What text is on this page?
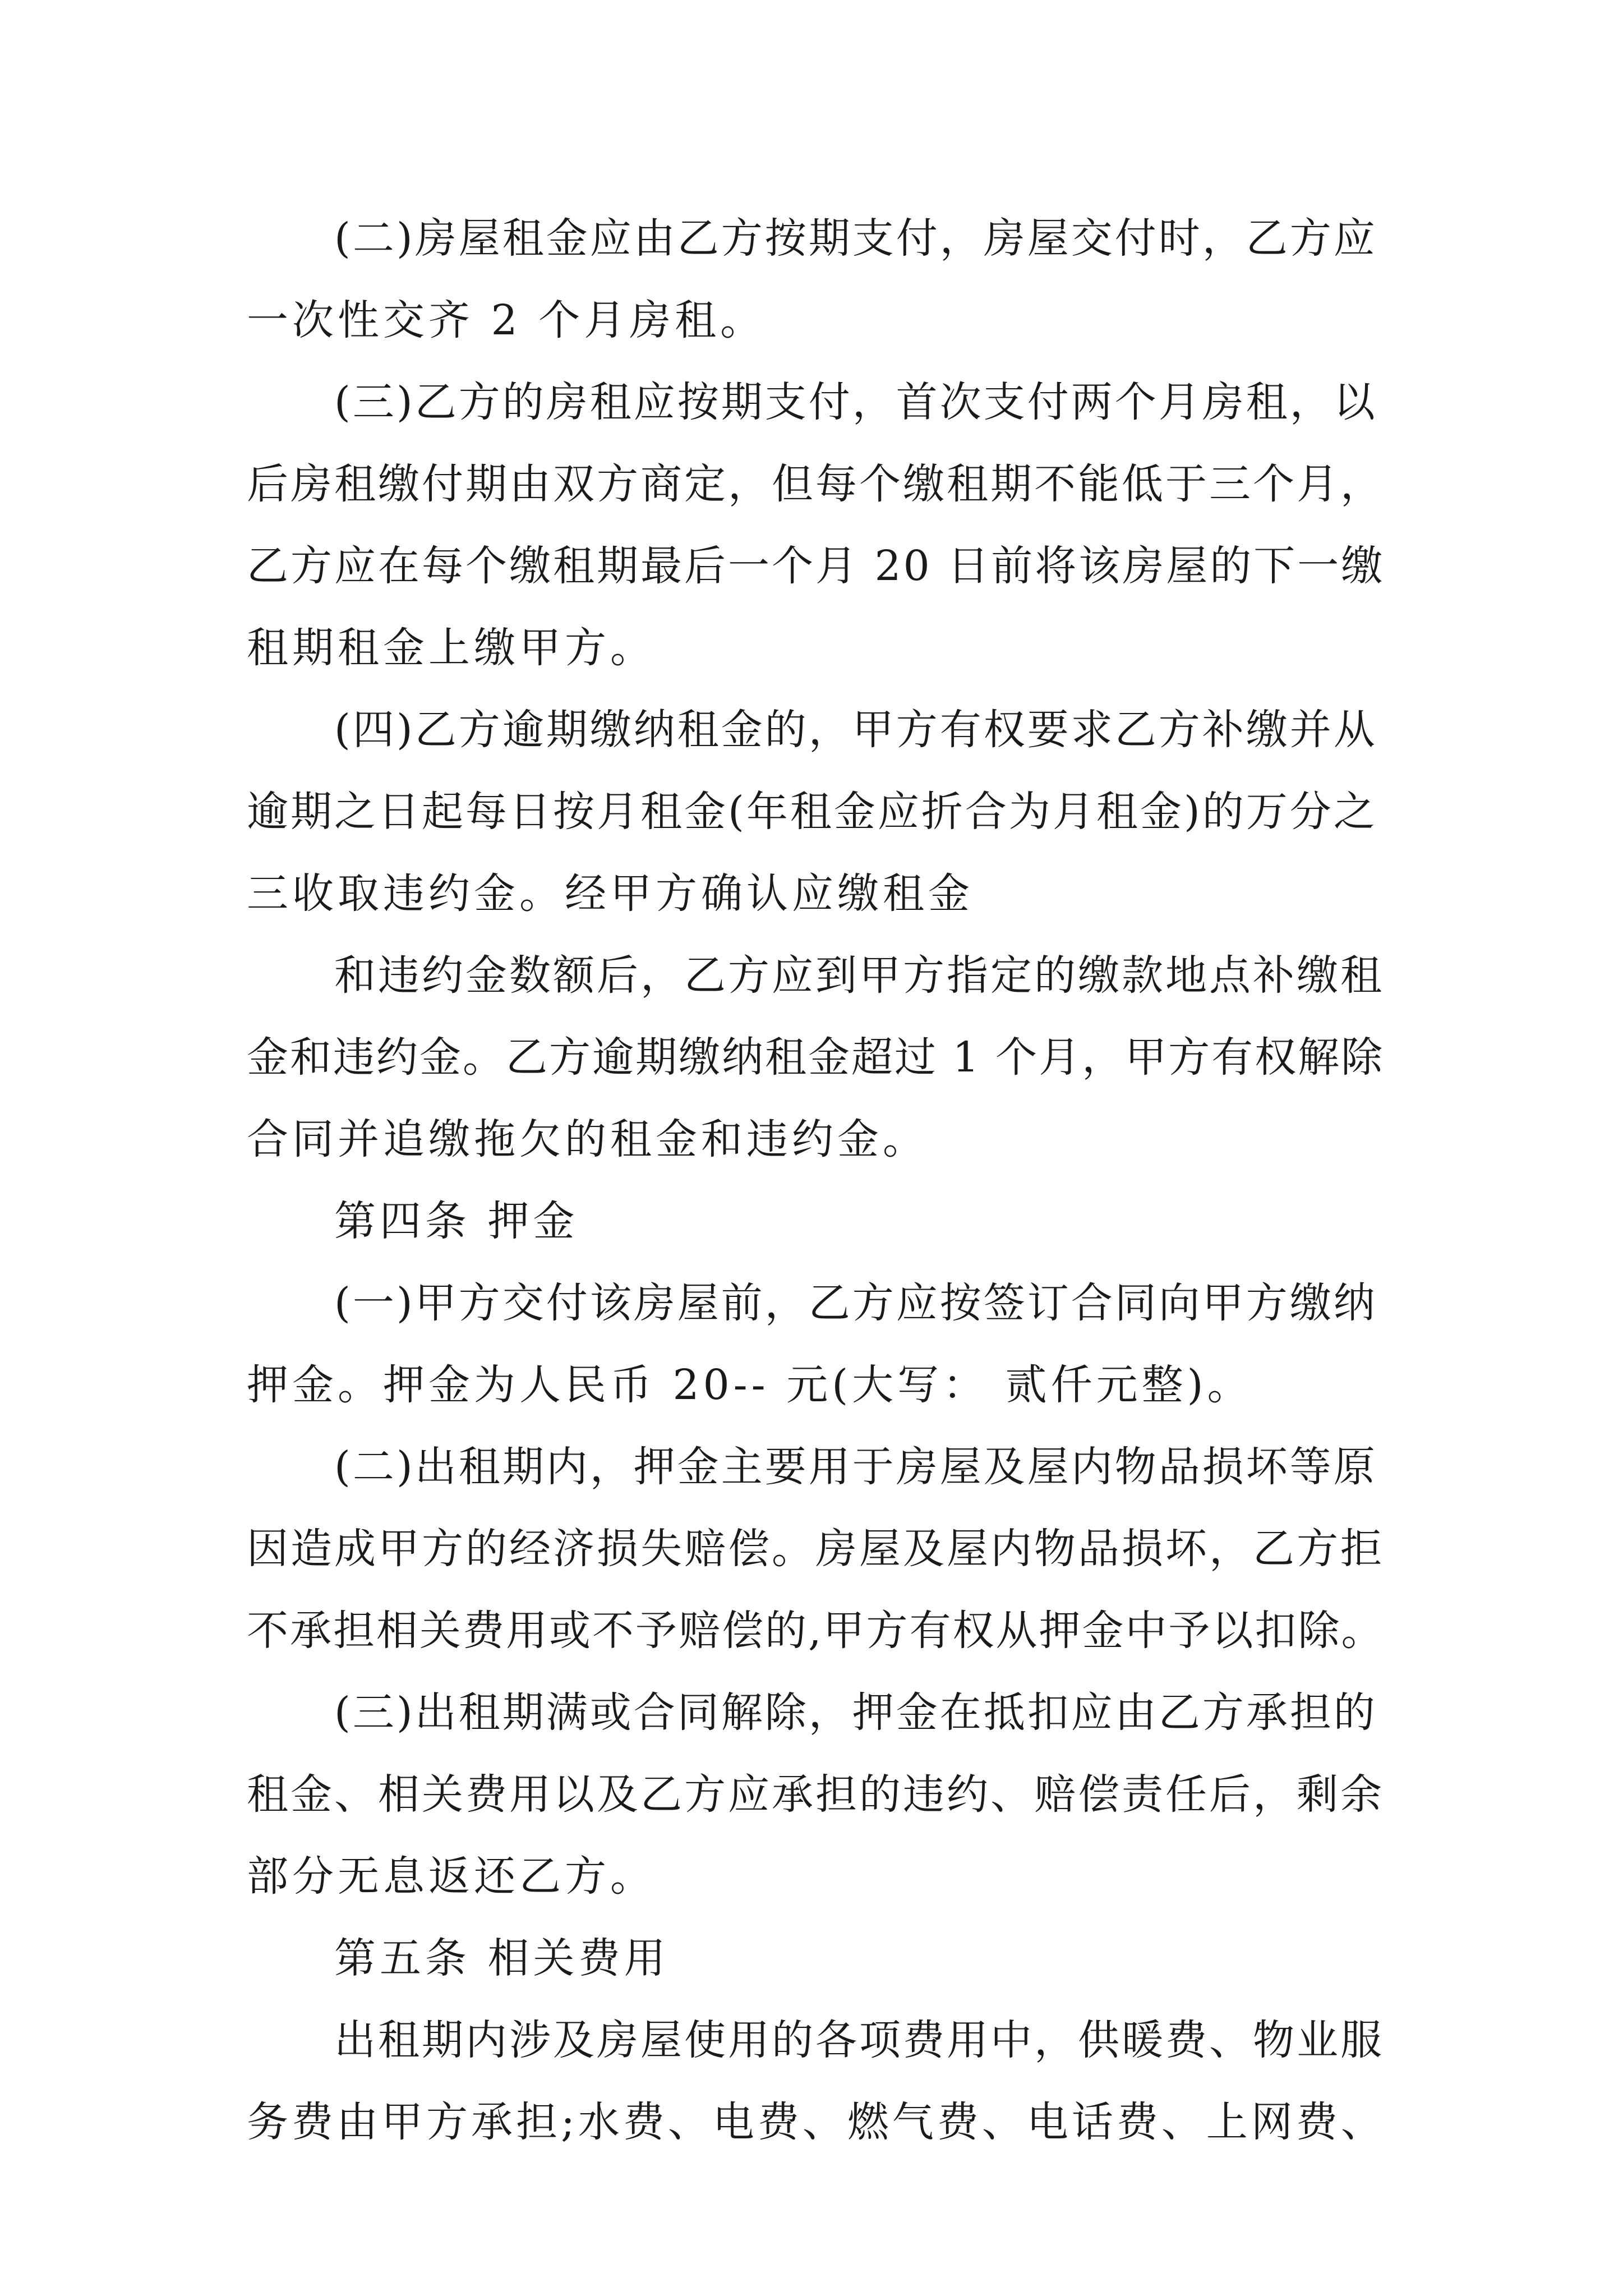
(二)房屋租金应由乙方按期支付，房屋交付时，乙方应
一次性交齐 2 个月房租。
(三)乙方的房租应按期支付，首次支付两个月房租，以
后房租缴付期由双方商定，但每个缴租期不能低于三个月，
乙方应在每个缴租期最后一个月 20 日前将该房屋的下一缴
租期租金上缴甲方。
(四)乙方逾期缴纳租金的，甲方有权要求乙方补缴并从
逾期之日起每日按月租金(年租金应折合为月租金)的万分之
三收取违约金。经甲方确认应缴租金
和违约金数额后，乙方应到甲方指定的缴款地点补缴租
金和违约金。乙方逾期缴纳租金超过 1 个月，甲方有权解除
合同并追缴拖欠的租金和违约金。
第四条 押金
(一)甲方交付该房屋前，乙方应按签订合同向甲方缴纳
押金。押金为人民币 20-- 元(大写： 贰仟元整)。
(二)出租期内，押金主要用于房屋及屋内物品损坏等原
因造成甲方的经济损失赔偿。房屋及屋内物品损坏，乙方拒
不承担相关费用或不予赔偿的,甲方有权从押金中予以扣除。
(三)出租期满或合同解除，押金在抵扣应由乙方承担的
租金、相关费用以及乙方应承担的违约、赔偿责任后，剩余
部分无息返还乙方。
第五条 相关费用
出租期内涉及房屋使用的各项费用中，供暖费、物业服
务费由甲方承担;水费、电费、燃气费、电话费、上网费、
